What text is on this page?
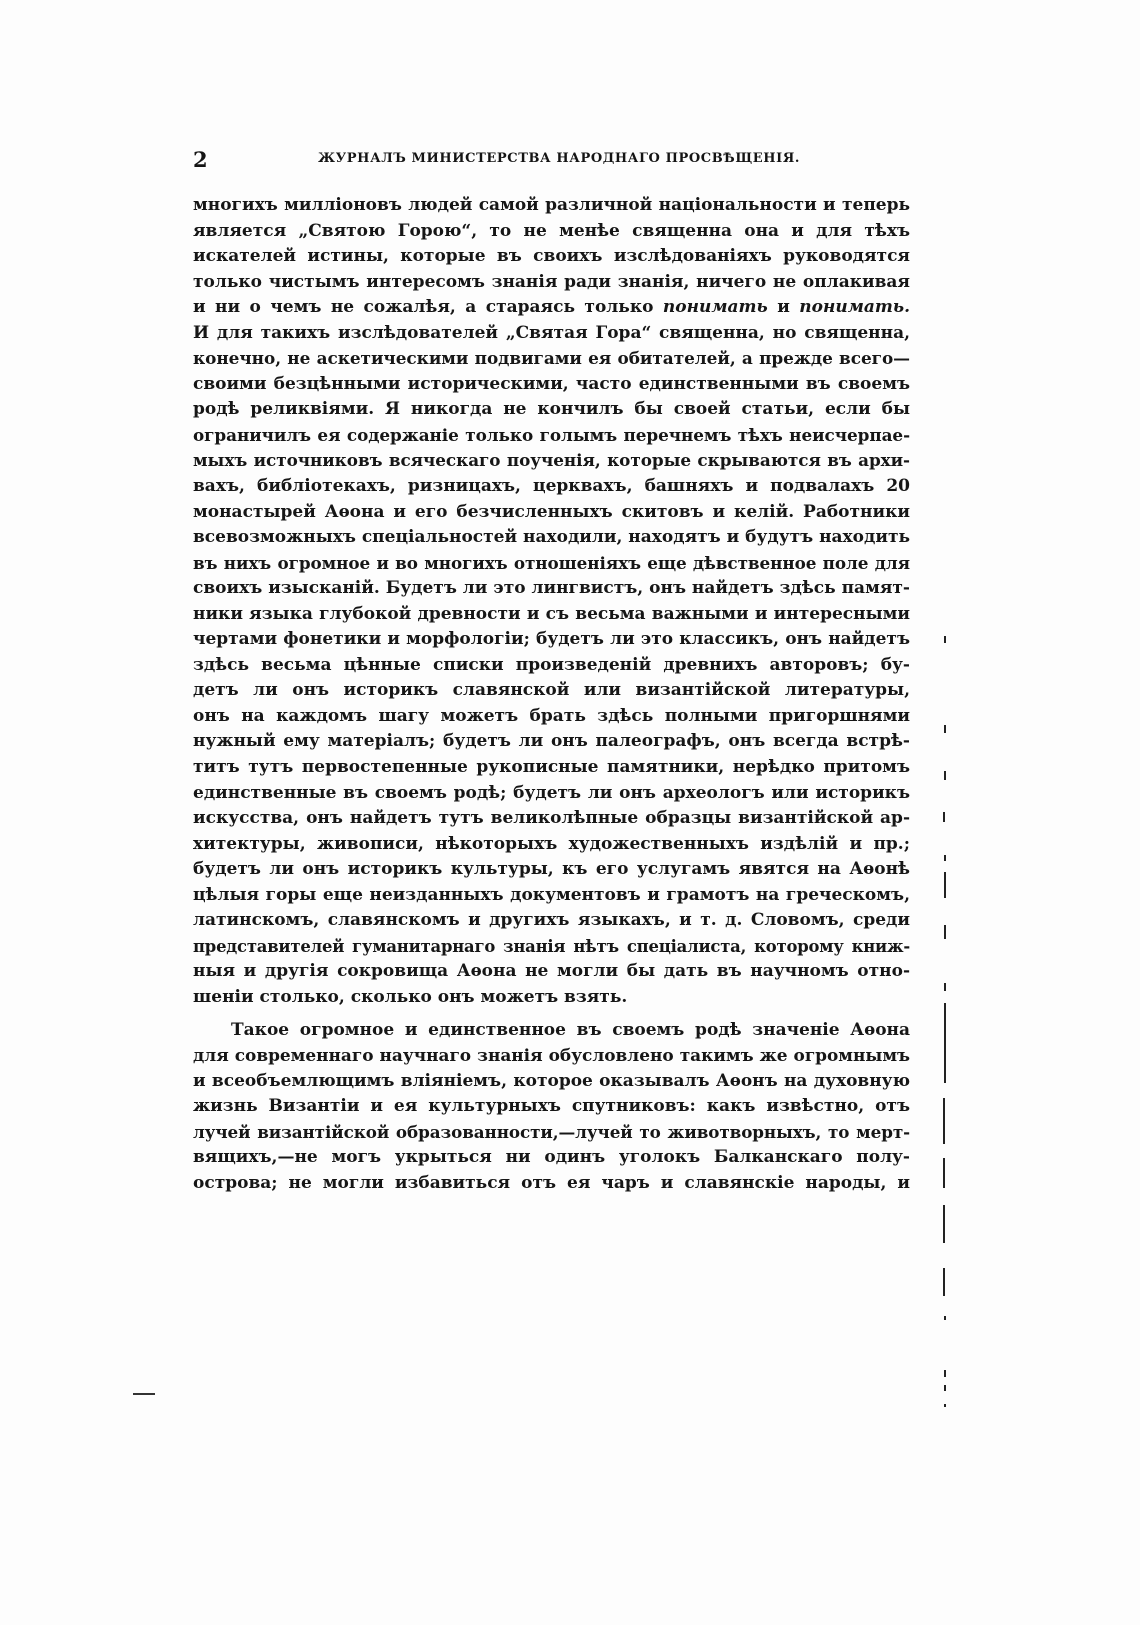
2	ЖУРНАЛЪ МИНИСТЕРСТВА НАРОДНАГО ПРОСВѢЩЕНІЯ.
многихъ милліоновъ людей самой различной національности и теперь
является „Святою Горою“, то не менѣе священна она и для тѣхъ
искателей истины, которые въ своихъ изслѣдованіяхъ руководятся
только чистымъ интересомъ знанія ради знанія, ничего не оплакивая
и ни о чемъ не сожалѣя, а стараясь только понимать и понимать.
И для такихъ изслѣдователей „Святая Гора“ священна, но священна,
конечно, не аскетическими подвигами ея обитателей, а прежде всего—
своими безцѣнными историческими, часто единственными въ своемъ
родѣ реликвіями. Я никогда не кончилъ бы своей статьи, если бы
ограничилъ ея содержаніе только голымъ перечнемъ тѣхъ неисчерпае-
мыхъ источниковъ всяческаго поученія, которые скрываются въ архи-
вахъ, библіотекахъ, ризницахъ, церквахъ, башняхъ и подвалахъ 20
монастырей Аѳона и его безчисленныхъ скитовъ и келій. Работники
всевозможныхъ спеціальностей находили, находятъ и будутъ находить
въ нихъ огромное и во многихъ отношеніяхъ еще дѣвственное поле для
своихъ изысканій. Будетъ ли это лингвистъ, онъ найдетъ здѣсь памят-
ники языка глубокой древности и съ весьма важными и интересными
чертами фонетики и морфологіи; будетъ ли это классикъ, онъ найдетъ
здѣсь весьма цѣнные списки произведеній древнихъ авторовъ; бу-
детъ ли онъ историкъ славянской или византійской литературы,
онъ на каждомъ шагу можетъ брать здѣсь полными пригоршнями
нужный ему матеріалъ; будетъ ли онъ палеографъ, онъ всегда встрѣ-
титъ тутъ первостепенные рукописные памятники, нерѣдко притомъ
единственные въ своемъ родѣ; будетъ ли онъ археологъ или историкъ
искусства, онъ найдетъ тутъ великолѣпные образцы византійской ар-
хитектуры, живописи, нѣкоторыхъ художественныхъ издѣлій и пр.;
будетъ ли онъ историкъ культуры, къ его услугамъ явятся на Аѳонѣ
цѣлыя горы еще неизданныхъ документовъ и грамотъ на греческомъ,
латинскомъ, славянскомъ и другихъ языкахъ, и т. д. Словомъ, среди
представителей гуманитарнаго знанія нѣтъ спеціалиста, которому книж-
ныя и другія сокровища Аѳона не могли бы дать въ научномъ отно-
шеніи столько, сколько онъ можетъ взять.
Такое огромное и единственное въ своемъ родѣ значеніе Аѳона
для современнаго научнаго знанія обусловлено такимъ же огромнымъ
и всеобъемлющимъ вліяніемъ, которое оказывалъ Аѳонъ на духовную
жизнь Византіи и ея культурныхъ спутниковъ: какъ извѣстно, отъ
лучей византійской образованности,—лучей то животворныхъ, то мерт-
вящихъ,—не могъ укрыться ни одинъ уголокъ Балканскаго полу-
острова; не могли избавиться отъ ея чаръ и славянскіе народы, и
